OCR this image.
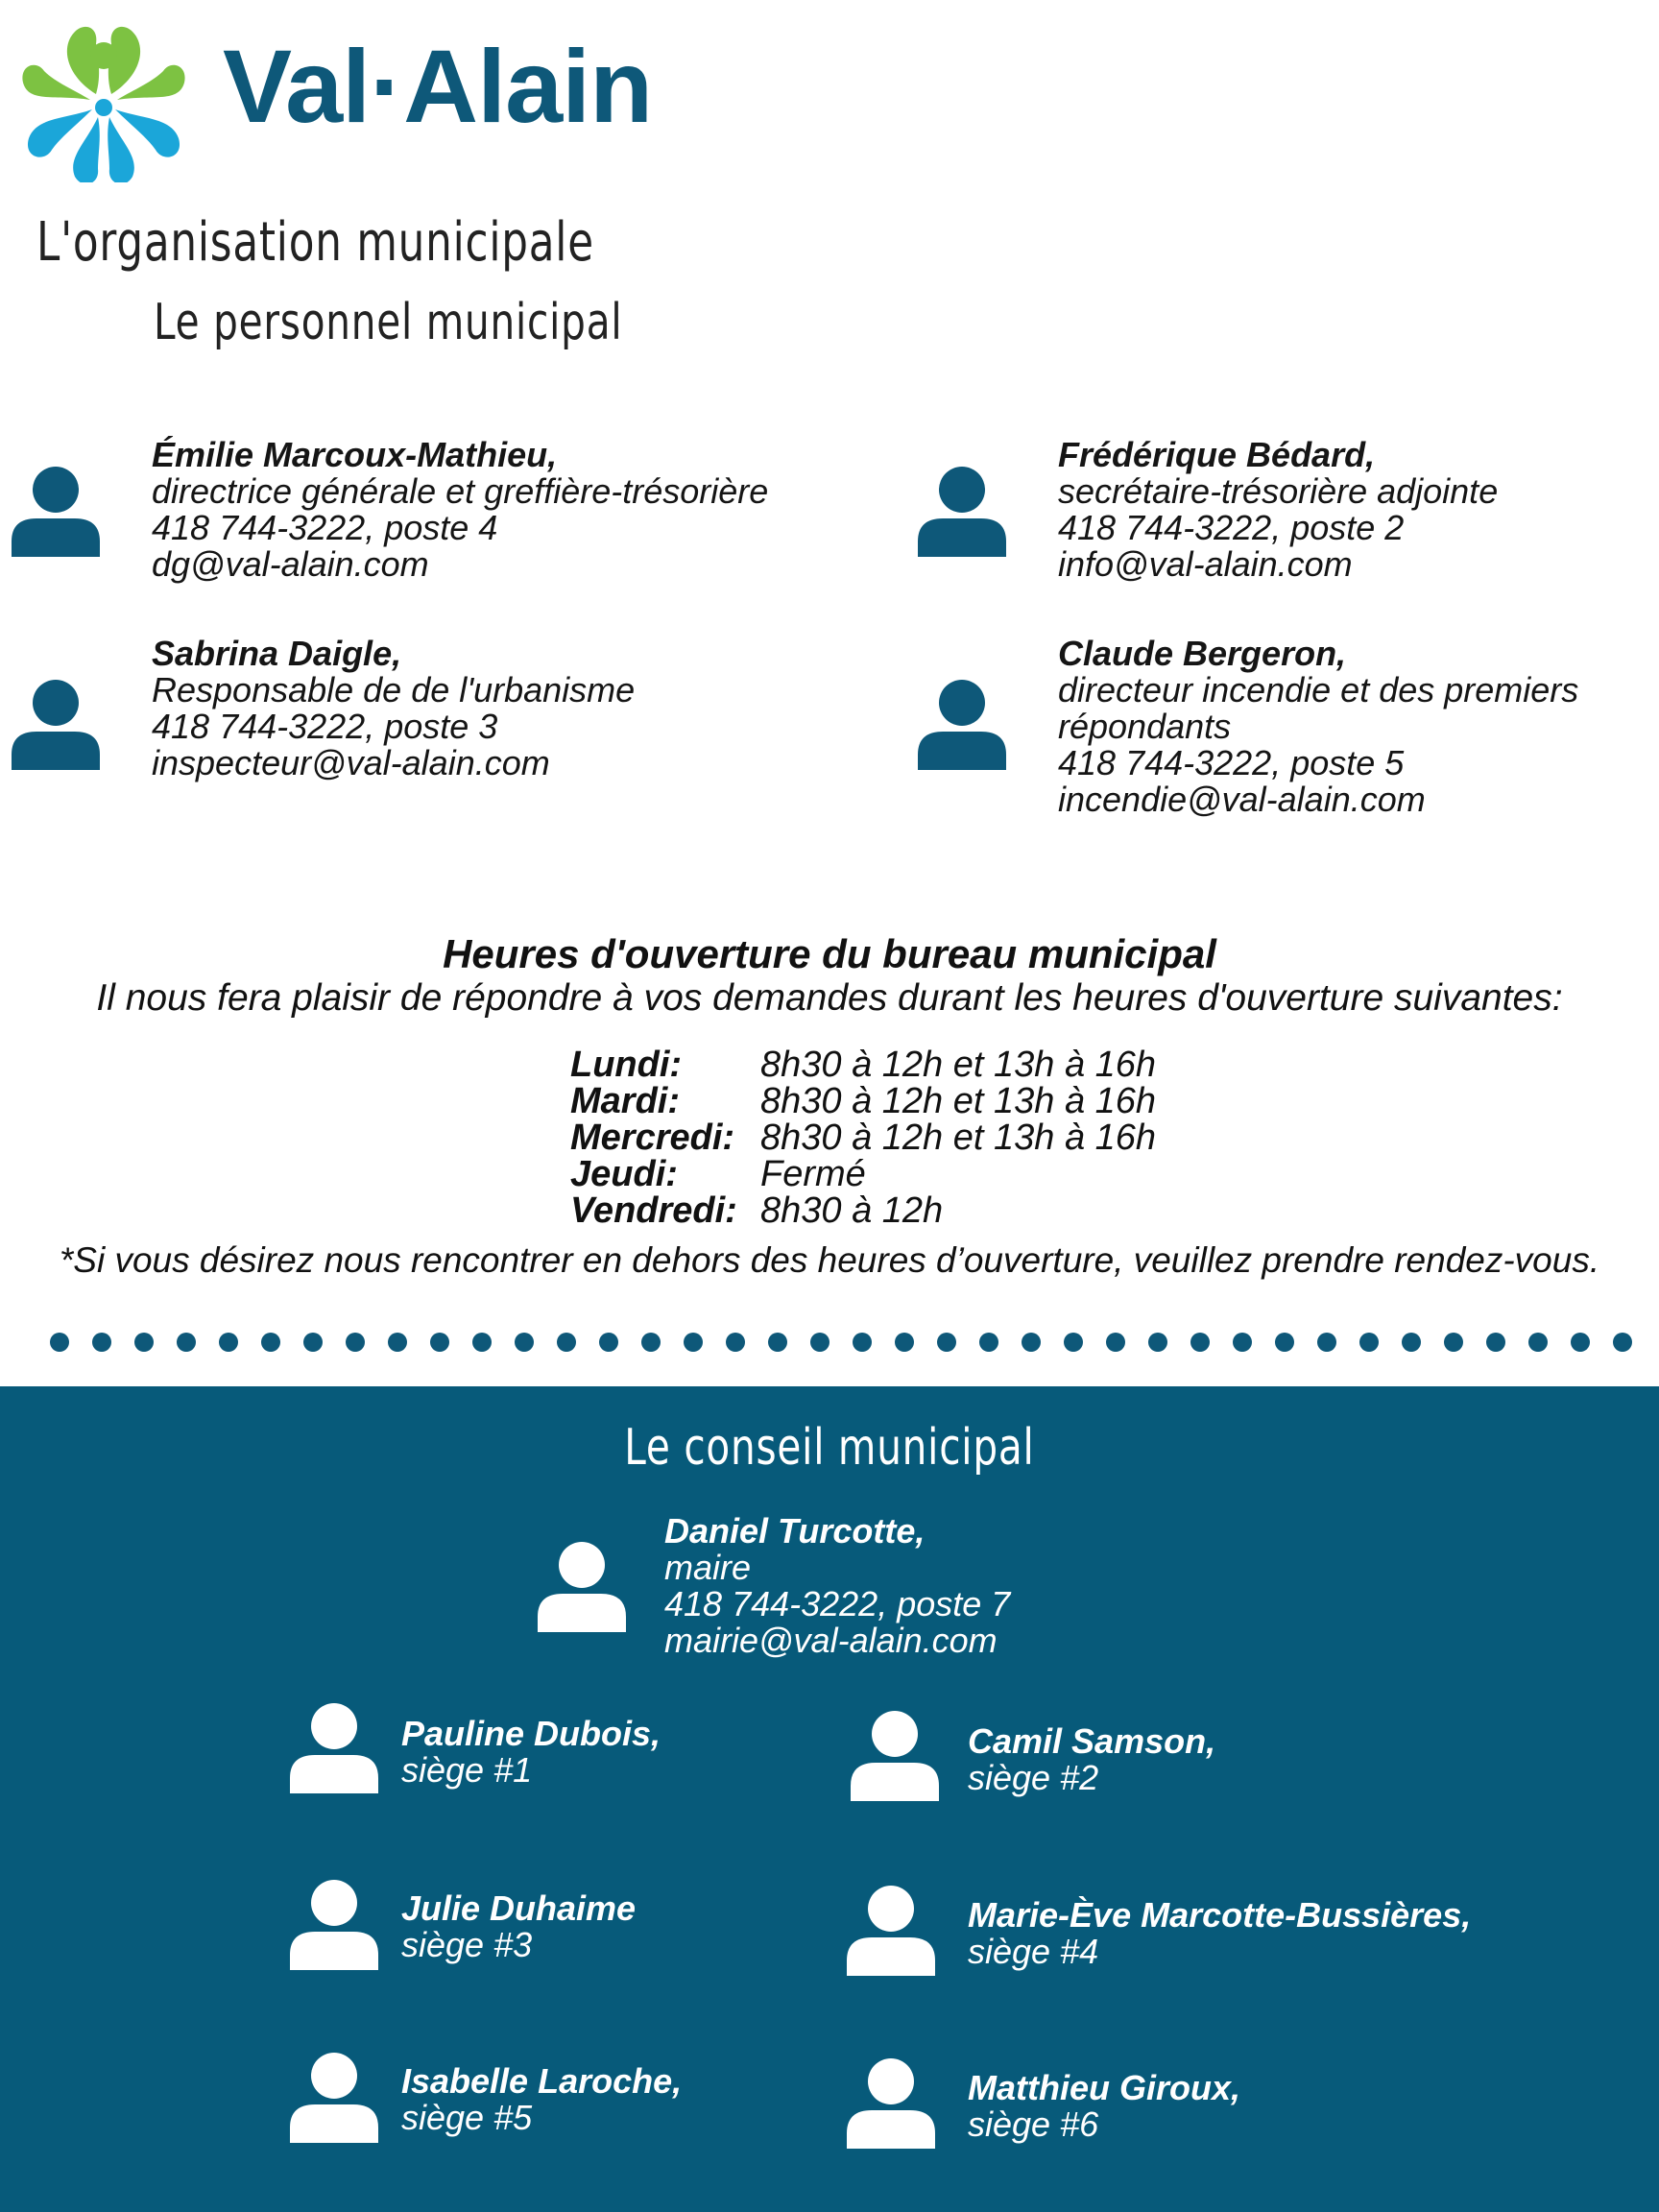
Val·Alain
L'organisation municipale
Le personnel municipal
Émilie Marcoux-Mathieu,
directrice générale et greffière-trésorière
418 744-3222, poste 4
dg@val-alain.com
Frédérique Bédard,
secrétaire-trésorière adjointe
418 744-3222, poste 2
info@val-alain.com
Sabrina Daigle,
Responsable de de l'urbanisme
418 744-3222, poste 3
inspecteur@val-alain.com
Claude Bergeron,
directeur incendie et des premiers
répondants
418 744-3222, poste 5
incendie@val-alain.com
Heures d'ouverture du bureau municipal
Il nous fera plaisir de répondre à vos demandes durant les heures d'ouverture suivantes:
Lundi:	8h30 à 12h et 13h à 16h
Mardi:	8h30 à 12h et 13h à 16h
Mercredi: 8h30 à 12h et 13h à 16h
Jeudi:	Fermé
Vendredi: 8h30 à 12h
*Si vous désirez nous rencontrer en dehors des heures d’ouverture, veuillez prendre rendez-vous.
Le conseil municipal
Daniel Turcotte,
maire
418 744-3222, poste 7
mairie@val-alain.com
Pauline Dubois,
siège #1
Camil Samson,
siège #2
Julie Duhaime
siège #3
Marie-Ève Marcotte-Bussières,
siège #4
Isabelle Laroche,
siège #5
Matthieu Giroux,
siège #6
